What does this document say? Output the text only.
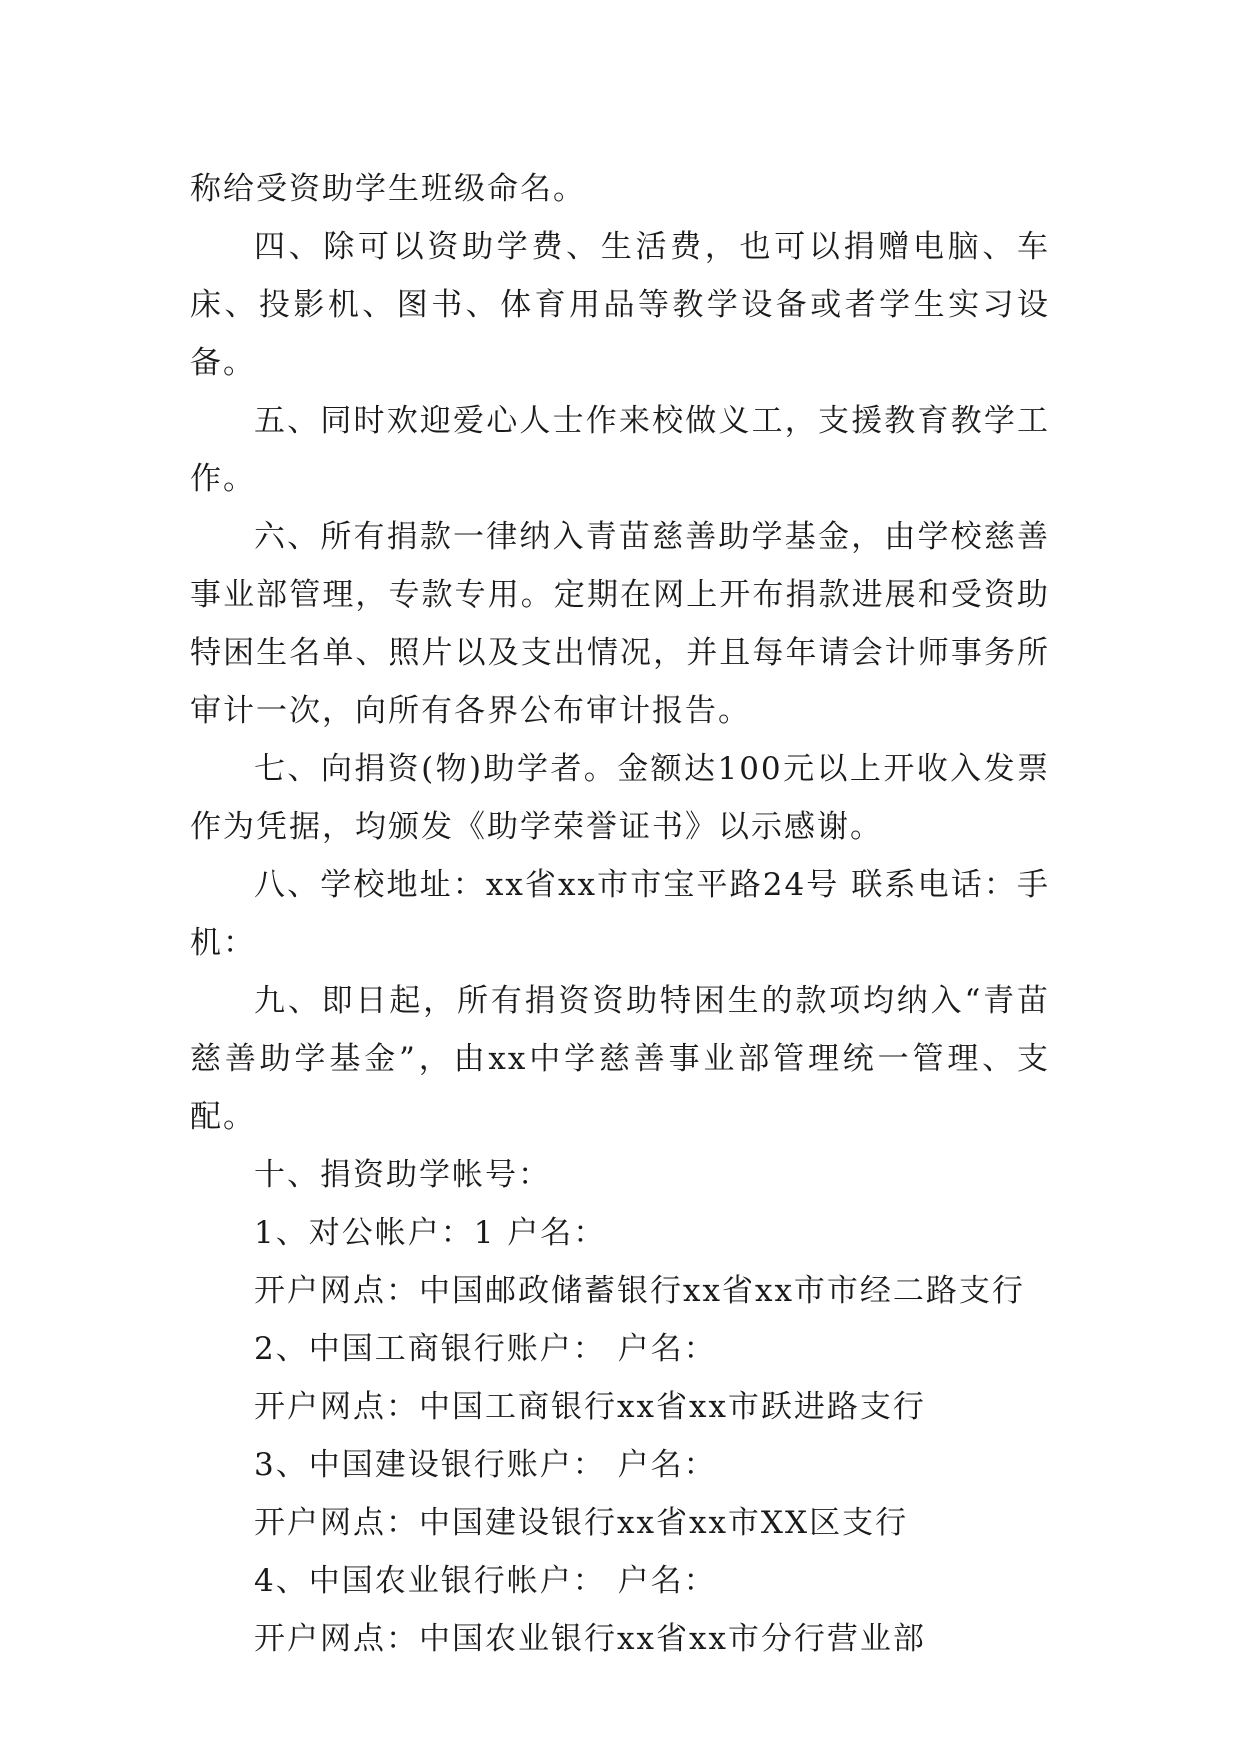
称给受资助学生班级命名。

四、除可以资助学费、生活费，也可以捐赠电脑、车床、投影机、图书、体育用品等教学设备或者学生实习设备。

五、同时欢迎爱心人士作来校做义工，支援教育教学工作。

六、所有捐款一律纳入青苗慈善助学基金，由学校慈善事业部管理，专款专用。定期在网上开布捐款进展和受资助特困生名单、照片以及支出情况，并且每年请会计师事务所审计一次，向所有各界公布审计报告。

七、向捐资(物)助学者。金额达100元以上开收入发票作为凭据，均颁发《助学荣誉证书》以示感谢。

八、学校地址：xx省xx市市宝平路24号 联系电话：手机：

九、即日起，所有捐资资助特困生的款项均纳入“青苗慈善助学基金”，由xx中学慈善事业部管理统一管理、支配。

十、捐资助学帐号：

1、对公帐户：1 户名：

开户网点：中国邮政储蓄银行xx省xx市市经二路支行

2、中国工商银行账户： 户名：

开户网点：中国工商银行xx省xx市跃进路支行

3、中国建设银行账户： 户名：

开户网点：中国建设银行xx省xx市XX区支行

4、中国农业银行帐户： 户名：

开户网点：中国农业银行xx省xx市分行营业部
